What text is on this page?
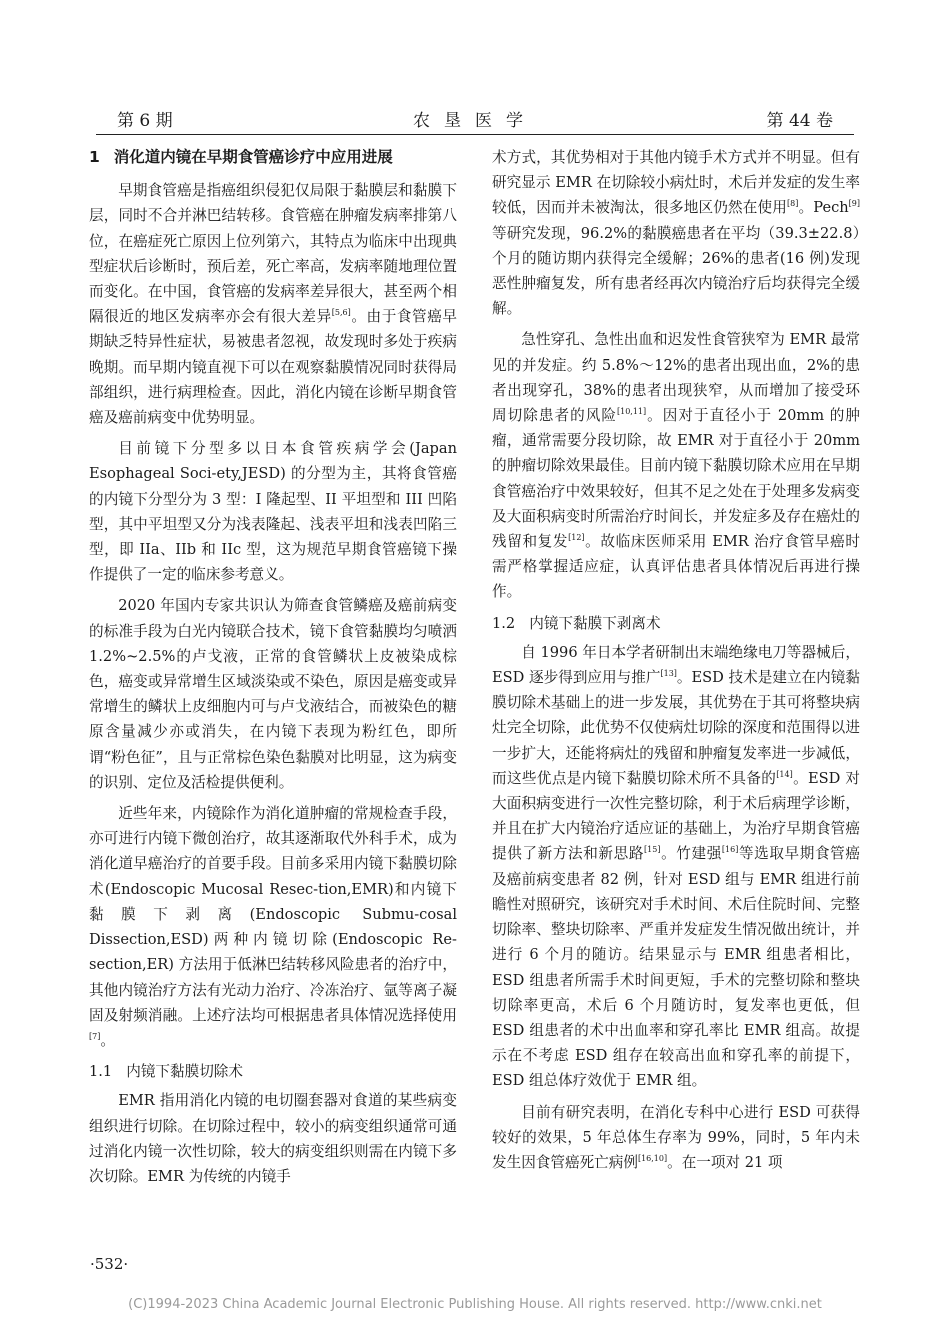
第 6 期	农垦医学	第 44 卷
1 消化道内镜在早期食管癌诊疗中应用进展

早期食管癌是指癌组织侵犯仅局限于黏膜层和黏膜下层，同时不合并淋巴结转移。食管癌在肿瘤发病率排第八位，在癌症死亡原因上位列第六，其特点为临床中出现典型症状后诊断时，预后差，死亡率高，发病率随地理位置而变化。在中国，食管癌的发病率差异很大，甚至两个相隔很近的地区发病率亦会有很大差异[5,6]。由于食管癌早期缺乏特异性症状，易被患者忽视，故发现时多处于疾病晚期。而早期内镜直视下可以在观察黏膜情况同时获得局部组织，进行病理检查。因此，消化内镜在诊断早期食管癌及癌前病变中优势明显。

目前镜下分型多以日本食管疾病学会(Japan Esophageal Soci-ety,JESD) 的分型为主，其将食管癌的内镜下分型分为 3 型：I 隆起型、II 平坦型和 III 凹陷型，其中平坦型又分为浅表隆起、浅表平坦和浅表凹陷三型，即 IIa、IIb 和 IIc 型，这为规范早期食管癌镜下操作提供了一定的临床参考意义。

2020 年国内专家共识认为筛查食管鳞癌及癌前病变的标准手段为白光内镜联合技术，镜下食管黏膜均匀喷洒 1.2%~2.5%的卢戈液，正常的食管鳞状上皮被染成棕色，癌变或异常增生区域淡染或不染色，原因是癌变或异常增生的鳞状上皮细胞内可与卢戈液结合，而被染色的糖原含量减少亦或消失，在内镜下表现为粉红色，即所谓“粉色征”，且与正常棕色染色黏膜对比明显，这为病变的识别、定位及活检提供便利。

近些年来，内镜除作为消化道肿瘤的常规检查手段，亦可进行内镜下微创治疗，故其逐渐取代外科手术，成为消化道早癌治疗的首要手段。目前多采用内镜下黏膜切除术(Endoscopic Mucosal Resec-tion,EMR)和内镜下黏膜下剥离(Endoscopic Submu-cosal Dissection,ESD)两种内镜切除(Endoscopic Re-section,ER) 方法用于低淋巴结转移风险患者的治疗中，其他内镜治疗方法有光动力治疗、冷冻治疗、氩等离子凝固及射频消融。上述疗法均可根据患者具体情况选择使用[7]。

1.1 内镜下黏膜切除术

EMR 指用消化内镜的电切圈套器对食道的某些病变组织进行切除。在切除过程中，较小的病变组织通常可通过消化内镜一次性切除，较大的病变组织则需在内镜下多次切除。EMR 为传统的内镜手

术方式，其优势相对于其他内镜手术方式并不明显。但有研究显示 EMR 在切除较小病灶时，术后并发症的发生率较低，因而并未被淘汰，很多地区仍然在使用[8]。Pech[9]等研究发现，96.2%的黏膜癌患者在平均（39.3±22.8）个月的随访期内获得完全缓解；26%的患者(16 例)发现恶性肿瘤复发，所有患者经再次内镜治疗后均获得完全缓解。

急性穿孔、急性出血和迟发性食管狭窄为 EMR 最常见的并发症。约 5.8%～12%的患者出现出血，2%的患者出现穿孔，38%的患者出现狭窄，从而增加了接受环周切除患者的风险[10,11]。因对于直径小于 20mm 的肿瘤，通常需要分段切除，故 EMR 对于直径小于 20mm 的肿瘤切除效果最佳。目前内镜下黏膜切除术应用在早期食管癌治疗中效果较好，但其不足之处在于处理多发病变及大面积病变时所需治疗时间长，并发症多及存在癌灶的残留和复发[12]。故临床医师采用 EMR 治疗食管早癌时需严格掌握适应症，认真评估患者具体情况后再进行操作。

1.2 内镜下黏膜下剥离术

自 1996 年日本学者研制出末端绝缘电刀等器械后，ESD 逐步得到应用与推广[13]。ESD 技术是建立在内镜黏膜切除术基础上的进一步发展，其优势在于其可将整块病灶完全切除，此优势不仅使病灶切除的深度和范围得以进一步扩大，还能将病灶的残留和肿瘤复发率进一步减低，而这些优点是内镜下黏膜切除术所不具备的[14]。ESD 对大面积病变进行一次性完整切除，利于术后病理学诊断，并且在扩大内镜治疗适应证的基础上，为治疗早期食管癌提供了新方法和新思路[15]。竹建强[16]等选取早期食管癌及癌前病变患者 82 例，针对 ESD 组与 EMR 组进行前瞻性对照研究，该研究对手术时间、术后住院时间、完整切除率、整块切除率、严重并发症发生情况做出统计，并进行 6 个月的随访。结果显示与 EMR 组患者相比，ESD 组患者所需手术时间更短，手术的完整切除和整块切除率更高，术后 6 个月随访时，复发率也更低，但 ESD 组患者的术中出血率和穿孔率比 EMR 组高。故提示在不考虑 ESD 组存在较高出血和穿孔率的前提下，ESD 组总体疗效优于 EMR 组。

目前有研究表明，在消化专科中心进行 ESD 可获得较好的效果，5 年总体生存率为 99%，同时，5 年内未发生因食管癌死亡病例[16,10]。在一项对 21 项

·532·
(C)1994-2023 China Academic Journal Electronic Publishing House. All rights reserved. http://www.cnki.net
